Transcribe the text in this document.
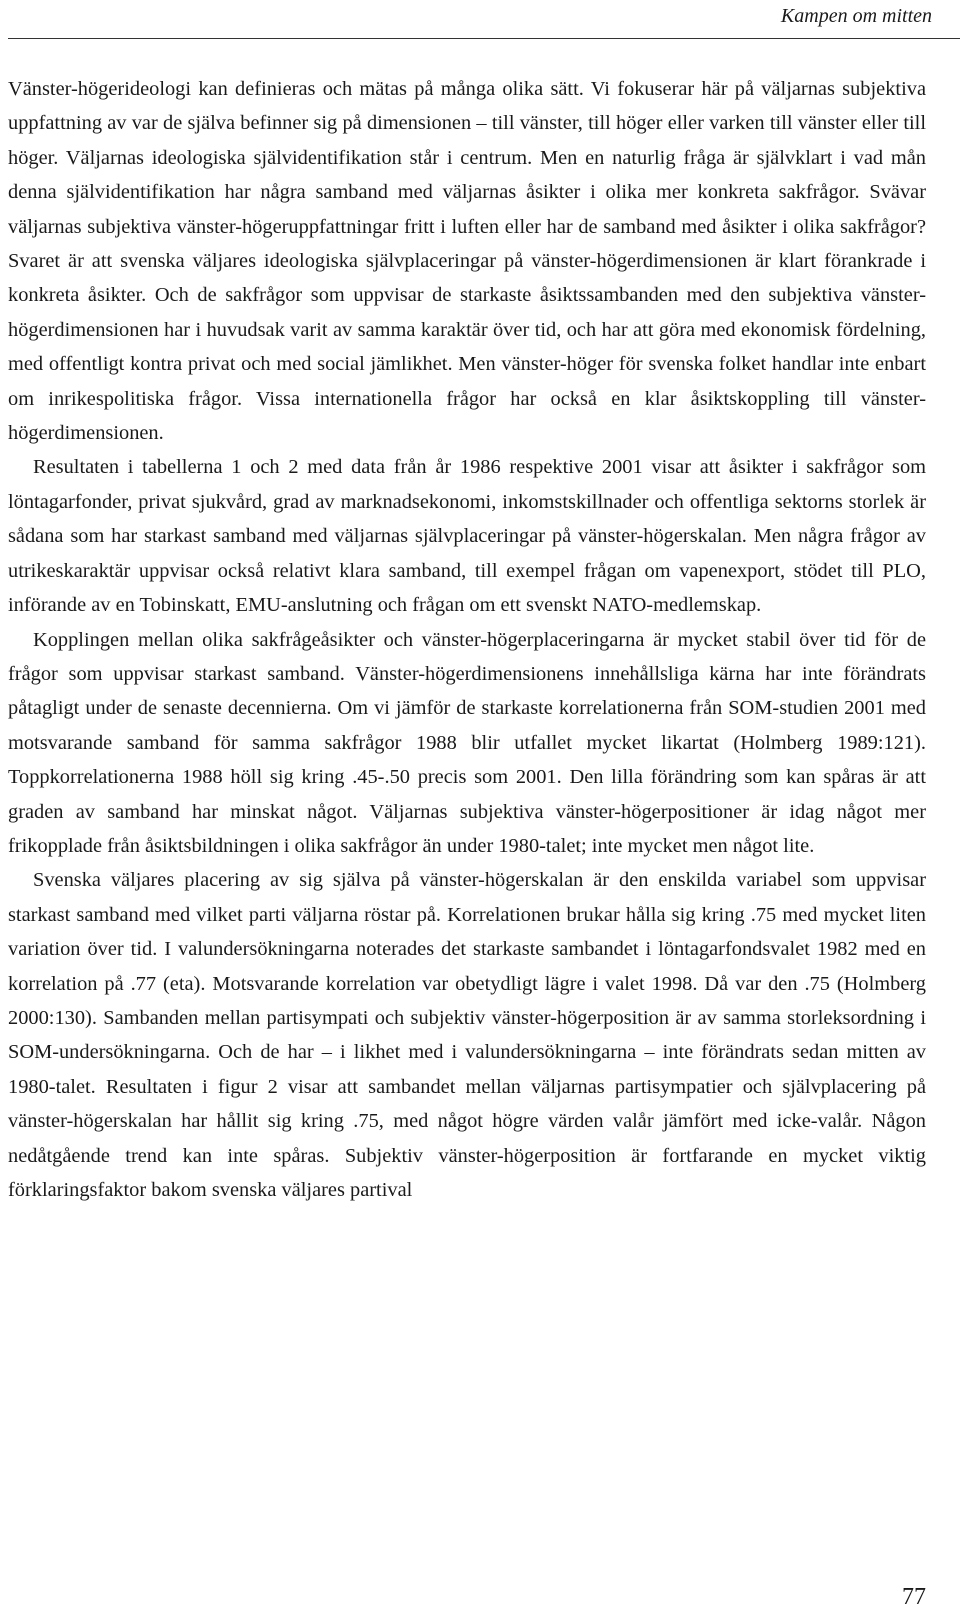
Kampen om mitten

Vänster-högerideologi kan definieras och mätas på många olika sätt. Vi fokuserar här på väljarnas subjektiva uppfattning av var de själva befinner sig på dimensionen – till vänster, till höger eller varken till vänster eller till höger. Väljarnas ideologiska självidentifikation står i centrum. Men en naturlig fråga är självklart i vad mån denna självidentifikation har några samband med väljarnas åsikter i olika mer konkreta sakfrågor. Svävar väljarnas subjektiva vänster-högeruppfattningar fritt i luften eller har de samband med åsikter i olika sakfrågor? Svaret är att svenska väljares ideologiska självplaceringar på vänster-högerdimensionen är klart förankrade i konkreta åsikter. Och de sakfrågor som uppvisar de starkaste åsiktssambanden med den subjektiva vänster-högerdimensionen har i huvudsak varit av samma karaktär över tid, och har att göra med ekonomisk fördelning, med offentligt kontra privat och med social jämlikhet. Men vänster-höger för svenska folket handlar inte enbart om inrikespolitiska frågor. Vissa internationella frågor har också en klar åsiktskoppling till vänster-högerdimensionen.

Resultaten i tabellerna 1 och 2 med data från år 1986 respektive 2001 visar att åsikter i sakfrågor som löntagarfonder, privat sjukvård, grad av marknadsekonomi, inkomstskillnader och offentliga sektorns storlek är sådana som har starkast samband med väljarnas självplaceringar på vänster-högerskalan. Men några frågor av utrikeskaraktär uppvisar också relativt klara samband, till exempel frågan om vapenexport, stödet till PLO, införande av en Tobinskatt, EMU-anslutning och frågan om ett svenskt NATO-medlemskap.

Kopplingen mellan olika sakfrågeåsikter och vänster-högerplaceringarna är mycket stabil över tid för de frågor som uppvisar starkast samband. Vänster-högerdimensionens innehållsliga kärna har inte förändrats påtagligt under de senaste decennierna. Om vi jämför de starkaste korrelationerna från SOM-studien 2001 med motsvarande samband för samma sakfrågor 1988 blir utfallet mycket likartat (Holmberg 1989:121). Toppkorrelationerna 1988 höll sig kring .45-.50 precis som 2001. Den lilla förändring som kan spåras är att graden av samband har minskat något. Väljarnas subjektiva vänster-högerpositioner är idag något mer frikopplade från åsiktsbildningen i olika sakfrågor än under 1980-talet; inte mycket men något lite.

Svenska väljares placering av sig själva på vänster-högerskalan är den enskilda variabel som uppvisar starkast samband med vilket parti väljarna röstar på. Korrelationen brukar hålla sig kring .75 med mycket liten variation över tid. I valundersökningarna noterades det starkaste sambandet i löntagarfondsvalet 1982 med en korrelation på .77 (eta). Motsvarande korrelation var obetydligt lägre i valet 1998. Då var den .75 (Holmberg 2000:130). Sambanden mellan partisympati och subjektiv vänster-högerposition är av samma storleksordning i SOM-undersökningarna. Och de har – i likhet med i valundersökningarna – inte förändrats sedan mitten av 1980-talet. Resultaten i figur 2 visar att sambandet mellan väljarnas partisympatier och självplacering på vänster-högerskalan har hållit sig kring .75, med något högre värden valår jämfört med icke-valår. Någon nedåtgående trend kan inte spåras. Subjektiv vänster-högerposition är fortfarande en mycket viktig förklaringsfaktor bakom svenska väljares partival

77
